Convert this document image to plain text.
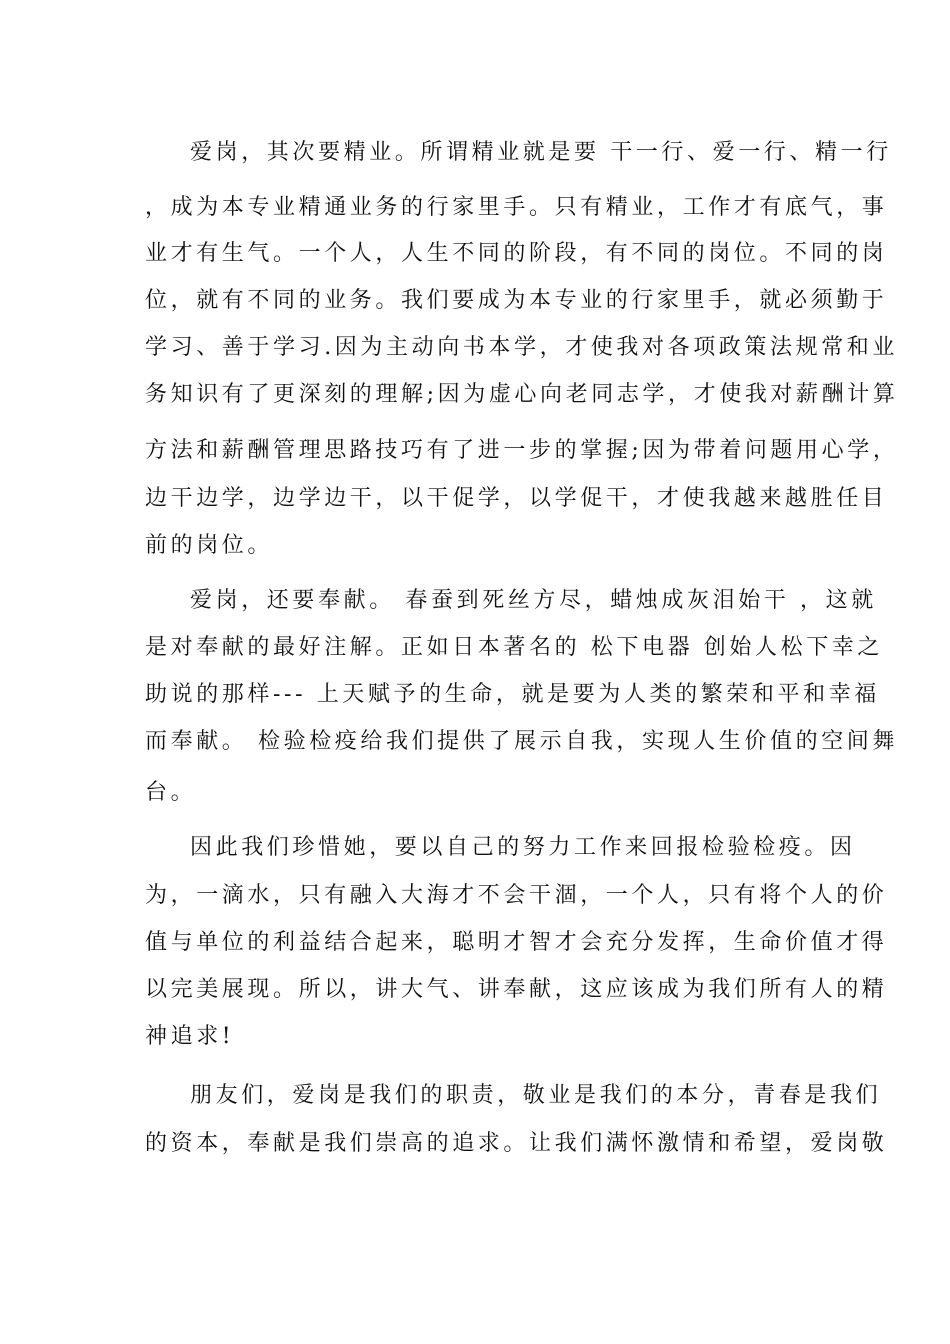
爱岗，其次要精业。所谓精业就是要 干一行、爱一行、精一行
，成为本专业精通业务的行家里手。只有精业，工作才有底气，事
业才有生气。一个人，人生不同的阶段，有不同的岗位。不同的岗
位，就有不同的业务。我们要成为本专业的行家里手，就必须勤于
学习、善于学习.因为主动向书本学，才使我对各项政策法规常和业
务知识有了更深刻的理解;因为虚心向老同志学，才使我对薪酬计算
方法和薪酬管理思路技巧有了进一步的掌握;因为带着问题用心学，
边干边学，边学边干，以干促学，以学促干，才使我越来越胜任目
前的岗位。
爱岗，还要奉献。 春蚕到死丝方尽，蜡烛成灰泪始干 ，这就
是对奉献的最好注解。正如日本著名的 松下电器 创始人松下幸之
助说的那样--- 上天赋予的生命，就是要为人类的繁荣和平和幸福
而奉献。 检验检疫给我们提供了展示自我，实现人生价值的空间舞
台。
因此我们珍惜她，要以自己的努力工作来回报检验检疫。因
为，一滴水，只有融入大海才不会干涸，一个人，只有将个人的价
值与单位的利益结合起来，聪明才智才会充分发挥，生命价值才得
以完美展现。所以，讲大气、讲奉献，这应该成为我们所有人的精
神追求!
朋友们，爱岗是我们的职责，敬业是我们的本分，青春是我们
的资本，奉献是我们崇高的追求。让我们满怀激情和希望，爱岗敬
